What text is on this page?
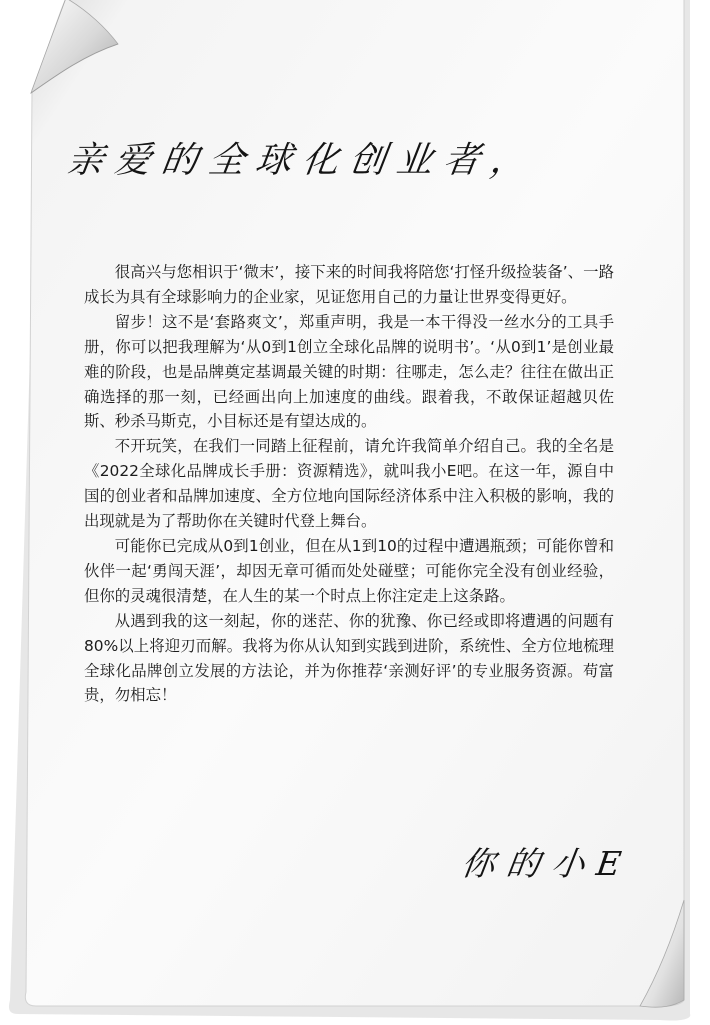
亲爱的全球化创业者，

很高兴与您相识于‘微末’，接下来的时间我将陪您‘打怪升级捡装备’、一路成长为具有全球影响力的企业家，见证您用自己的力量让世界变得更好。

留步！这不是‘套路爽文’，郑重声明，我是一本干得没一丝水分的工具手册，你可以把我理解为‘从0到1创立全球化品牌的说明书’。‘从0到1’是创业最难的阶段，也是品牌奠定基调最关键的时期：往哪走，怎么走？往往在做出正确选择的那一刻，已经画出向上加速度的曲线。跟着我，不敢保证超越贝佐斯、秒杀马斯克，小目标还是有望达成的。

不开玩笑，在我们一同踏上征程前，请允许我简单介绍自己。我的全名是《2022全球化品牌成长手册：资源精选》，就叫我小E吧。在这一年，源自中国的创业者和品牌加速度、全方位地向国际经济体系中注入积极的影响，我的出现就是为了帮助你在关键时代登上舞台。

可能你已完成从0到1创业，但在从1到10的过程中遭遇瓶颈；可能你曾和伙伴一起‘勇闯天涯’，却因无章可循而处处碰壁；可能你完全没有创业经验，但你的灵魂很清楚，在人生的某一个时点上你注定走上这条路。

从遇到我的这一刻起，你的迷茫、你的犹豫、你已经或即将遭遇的问题有80%以上将迎刃而解。我将为你从认知到实践到进阶，系统性、全方位地梳理全球化品牌创立发展的方法论，并为你推荐‘亲测好评’的专业服务资源。苟富贵，勿相忘！

你的小E
